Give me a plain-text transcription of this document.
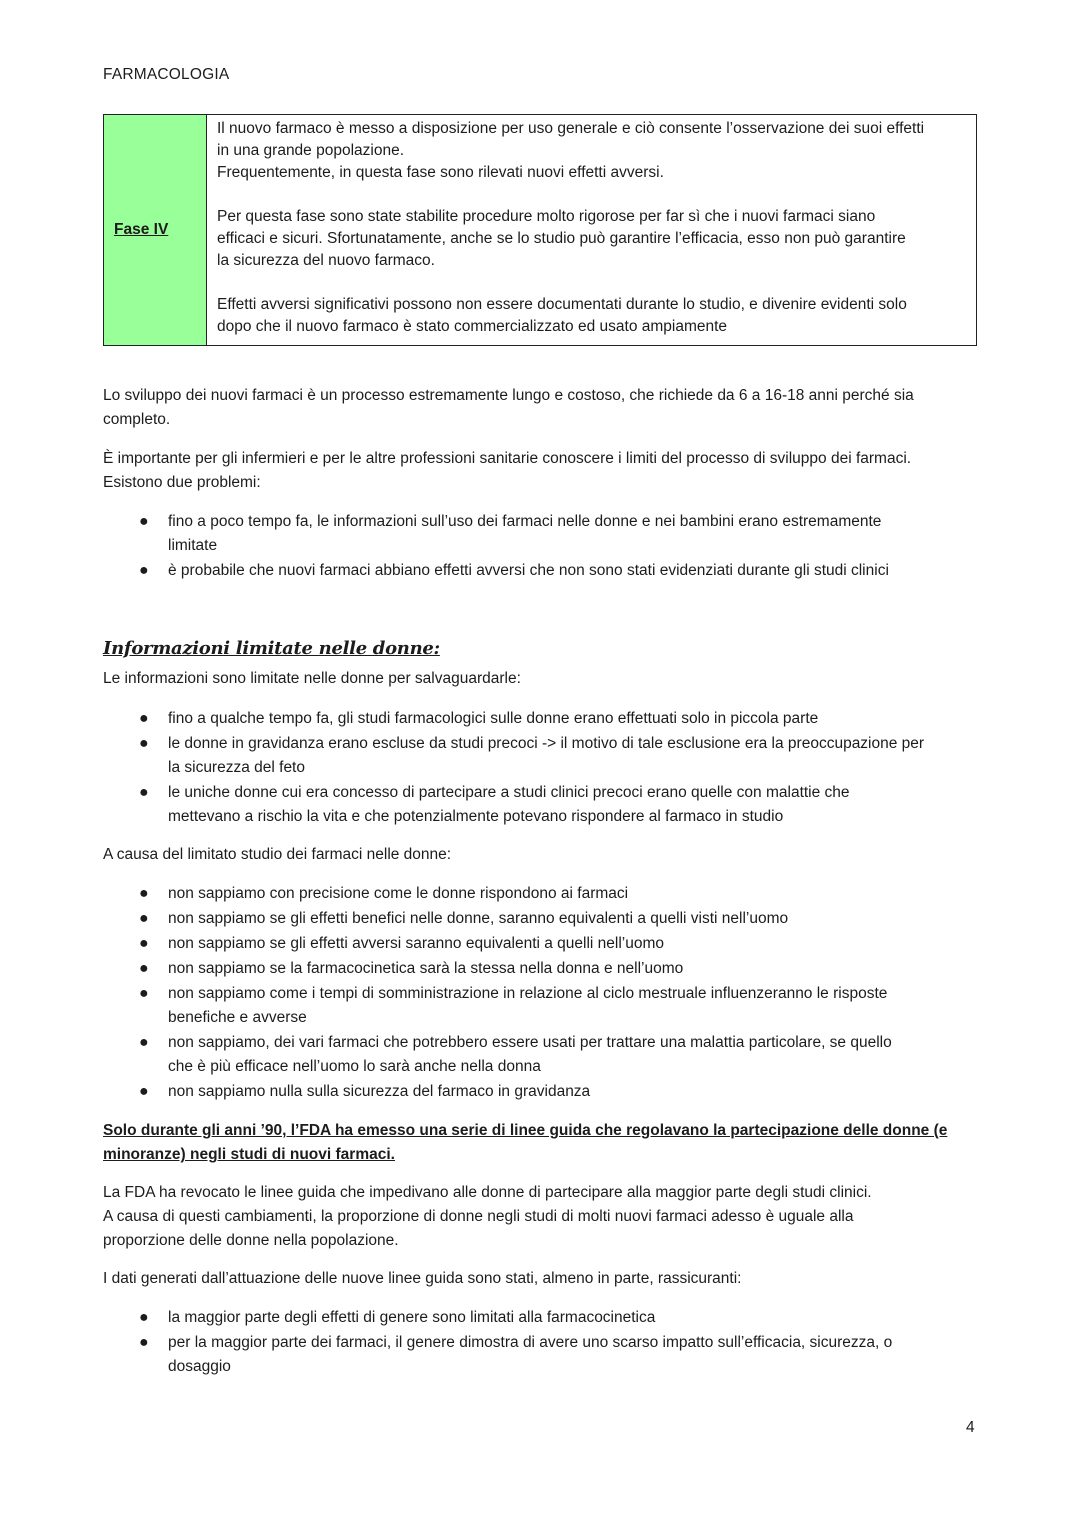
FARMACOLOGIA
Fase IV

Il nuovo farmaco è messo a disposizione per uso generale e ciò consente l’osservazione dei suoi effetti

in una grande popolazione.

Frequentemente, in questa fase sono rilevati nuovi effetti avversi.

Per questa fase sono state stabilite procedure molto rigorose per far sì che i nuovi farmaci siano

efficaci e sicuri. Sfortunatamente, anche se lo studio può garantire l’efficacia, esso non può garantire

la sicurezza del nuovo farmaco.

Effetti avversi significativi possono non essere documentati durante lo studio, e divenire evidenti solo

dopo che il nuovo farmaco è stato commercializzato ed usato ampiamente

Lo sviluppo dei nuovi farmaci è un processo estremamente lungo e costoso, che richiede da 6 a 16-18 anni perché sia

completo.

È importante per gli infermieri e per le altre professioni sanitarie conoscere i limiti del processo di sviluppo dei farmaci.

Esistono due problemi:

● fino a poco tempo fa, le informazioni sull’uso dei farmaci nelle donne e nei bambini erano estremamente
limitate
● è probabile che nuovi farmaci abbiano effetti avversi che non sono stati evidenziati durante gli studi clinici
Informazioni limitate nelle donne:

Le informazioni sono limitate nelle donne per salvaguardarle:

● fino a qualche tempo fa, gli studi farmacologici sulle donne erano effettuati solo in piccola parte
● le donne in gravidanza erano escluse da studi precoci -> il motivo di tale esclusione era la preoccupazione per
la sicurezza del feto
● le uniche donne cui era concesso di partecipare a studi clinici precoci erano quelle con malattie che
mettevano a rischio la vita e che potenzialmente potevano rispondere al farmaco in studio

A causa del limitato studio dei farmaci nelle donne:

● non sappiamo con precisione come le donne rispondono ai farmaci
● non sappiamo se gli effetti benefici nelle donne, saranno equivalenti a quelli visti nell’uomo
● non sappiamo se gli effetti avversi saranno equivalenti a quelli nell’uomo
● non sappiamo se la farmacocinetica sarà la stessa nella donna e nell’uomo
● non sappiamo come i tempi di somministrazione in relazione al ciclo mestruale influenzeranno le risposte
benefiche e avverse
● non sappiamo, dei vari farmaci che potrebbero essere usati per trattare una malattia particolare, se quello
che è più efficace nell’uomo lo sarà anche nella donna
● non sappiamo nulla sulla sicurezza del farmaco in gravidanza

Solo durante gli anni ’90, l’FDA ha emesso una serie di linee guida che regolavano la partecipazione delle donne (e

minoranze) negli studi di nuovi farmaci.

La FDA ha revocato le linee guida che impedivano alle donne di partecipare alla maggior parte degli studi clinici.

A causa di questi cambiamenti, la proporzione di donne negli studi di molti nuovi farmaci adesso è uguale alla

proporzione delle donne nella popolazione.

I dati generati dall’attuazione delle nuove linee guida sono stati, almeno in parte, rassicuranti:

● la maggior parte degli effetti di genere sono limitati alla farmacocinetica
● per la maggior parte dei farmaci, il genere dimostra di avere uno scarso impatto sull’efficacia, sicurezza, o
dosaggio
4
